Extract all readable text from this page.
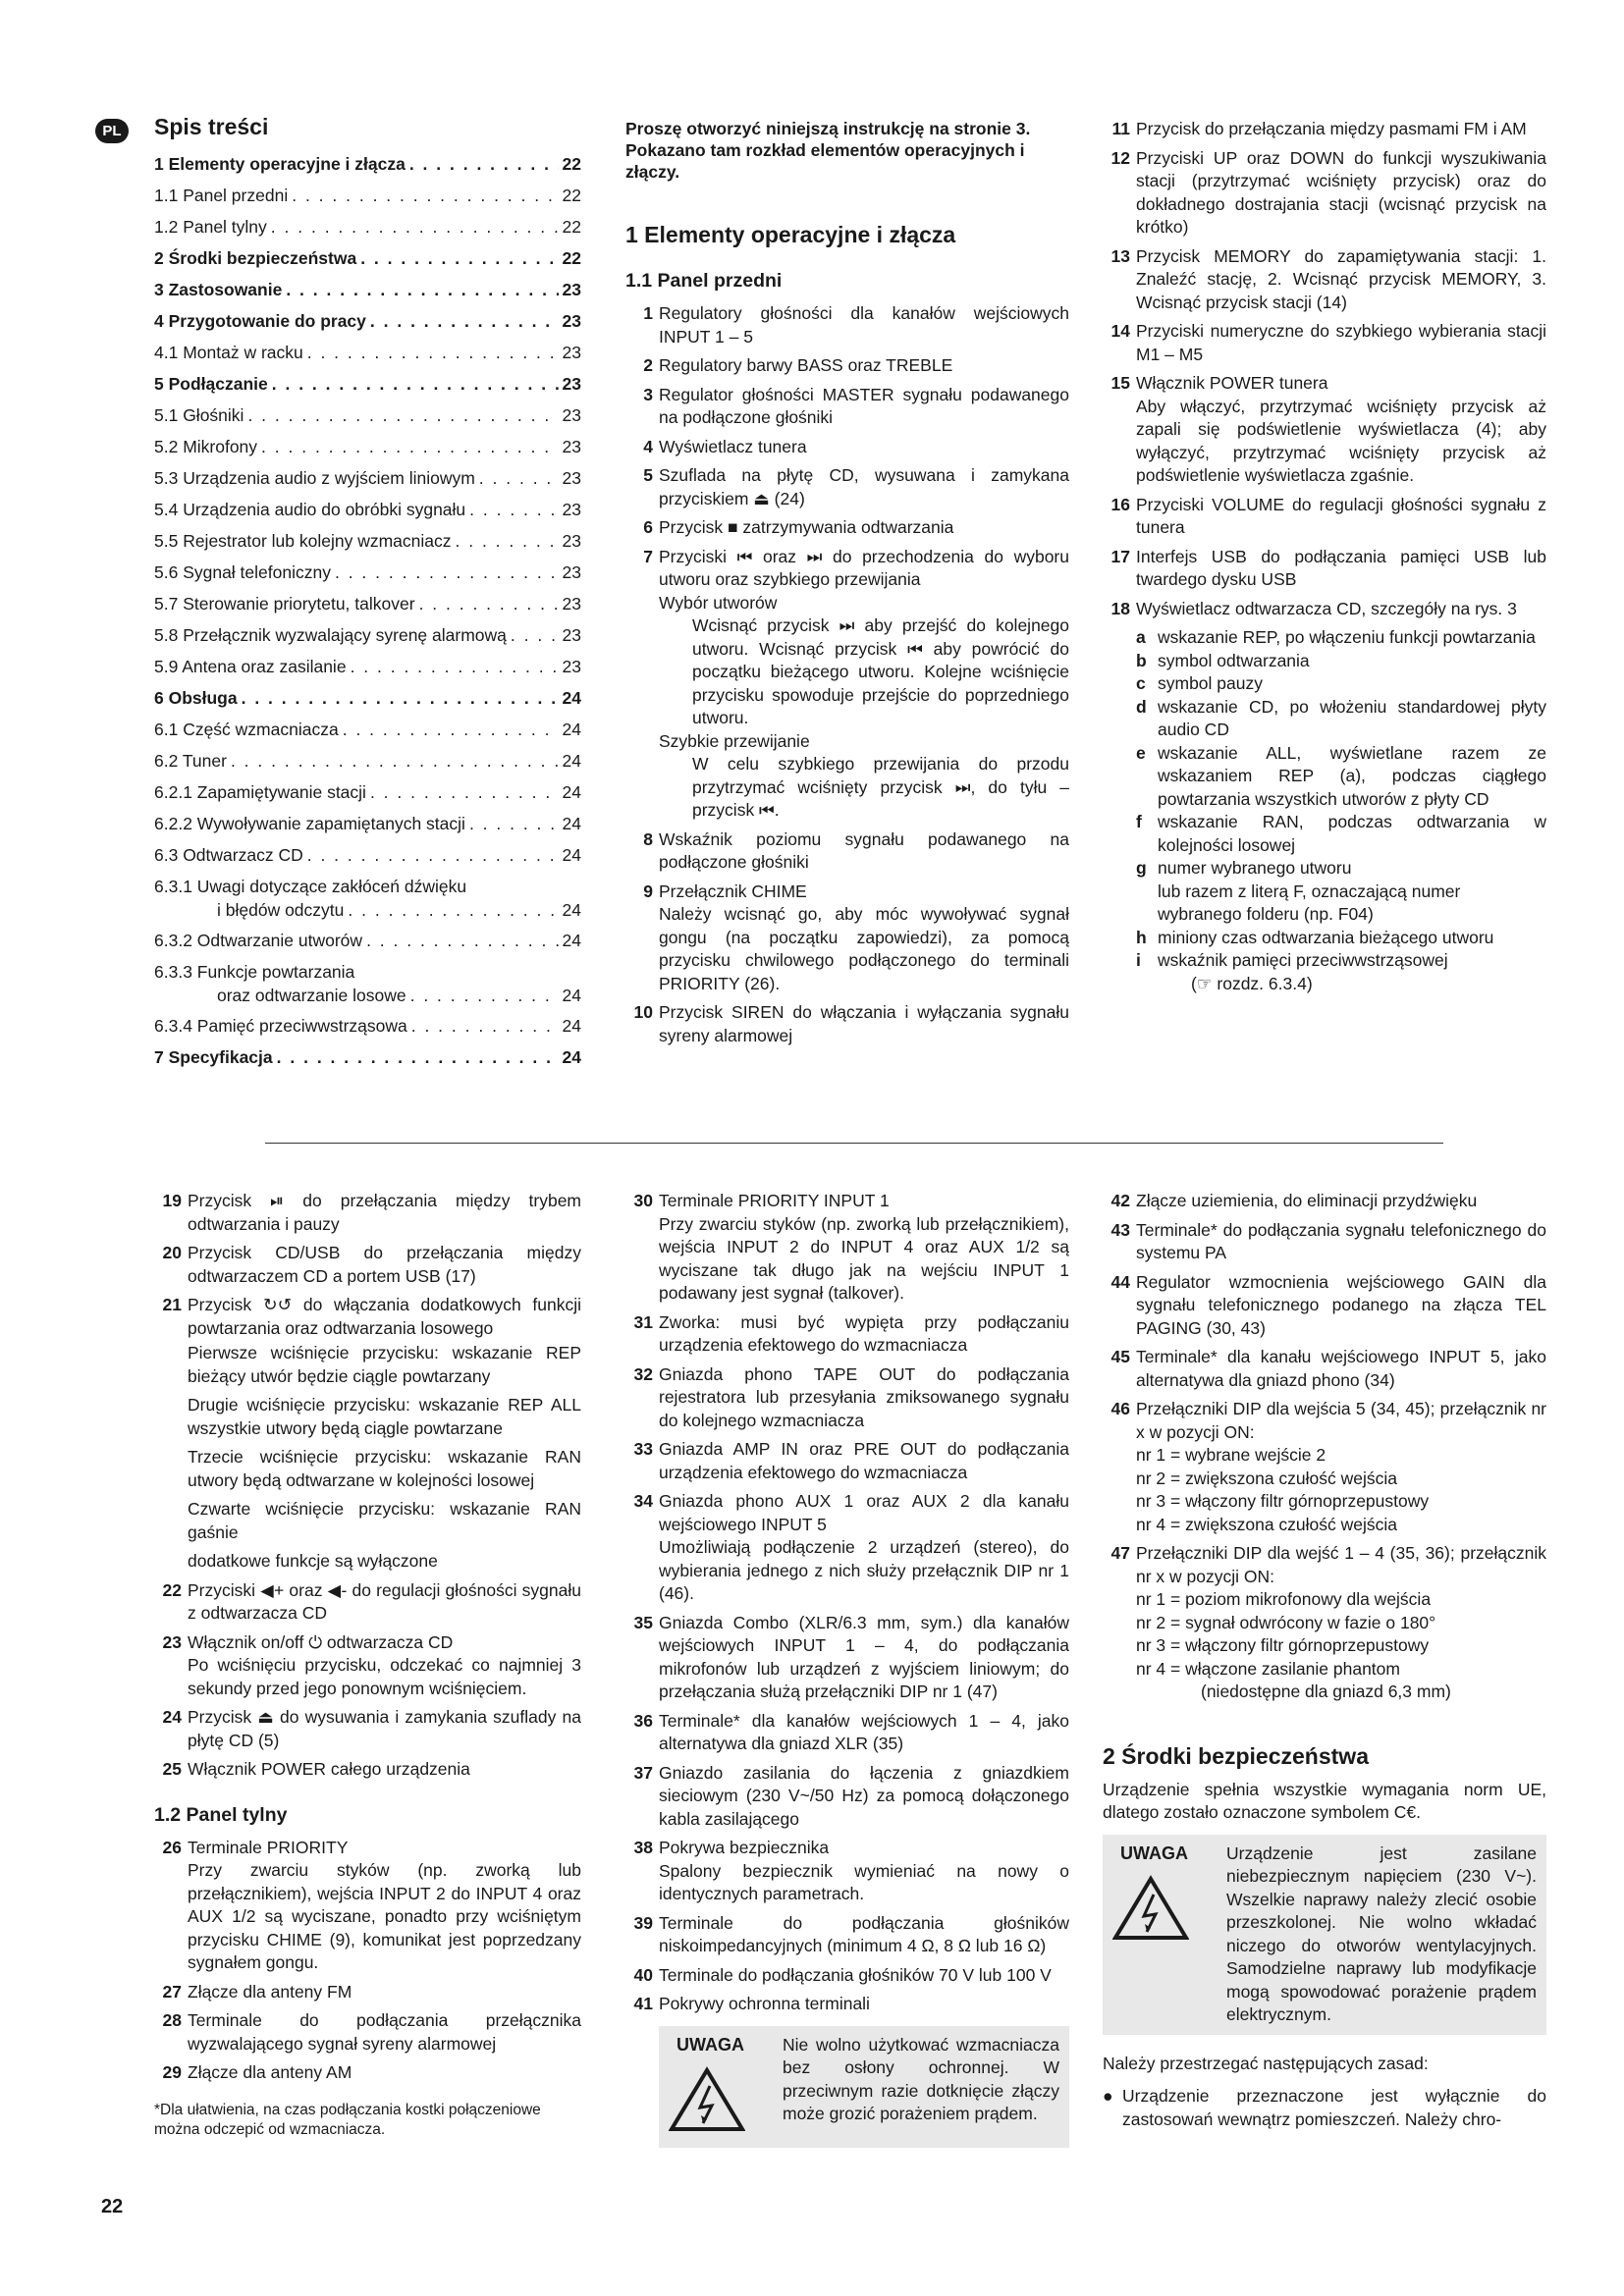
PL	Spis treści
1 Elementy operacyjne i złącza . . .	22
1.1 Panel przedni . . .	22
1.2 Panel tylny . . .	22
2 Środki bezpieczeństwa . . .	22
3 Zastosowanie . . .	23
4 Przygotowanie do pracy . . .	23
4.1 Montaż w racku . . .	23
5 Podłączanie . . .	23
5.1 Głośniki . . .	23
5.2 Mikrofony . . .	23
5.3 Urządzenia audio z wyjściem liniowym . . .	23
5.4 Urządzenia audio do obróbki sygnału . . .	23
5.5 Rejestrator lub kolejny wzmacniacz . . .	23
5.6 Sygnał telefoniczny . . .	23
5.7 Sterowanie priorytetu, talkover . . .	23
5.8 Przełącznik wyzwalający syrenę alarmową . . .	23
5.9 Antena oraz zasilanie . . .	23
6 Obsługa . . .	24
6.1 Część wzmacniacza . . .	24
6.2 Tuner . . .	24
6.2.1 Zapamiętywanie stacji . . .	24
6.2.2 Wywoływanie zapamiętanych stacji . . .	24
6.3 Odtwarzacz CD . . .	24
6.3.1 Uwagi dotyczące zakłóceń dźwięku
i błędów odczytu . . .	24
6.3.2 Odtwarzanie utworów . . .	24
6.3.3 Funkcje powtarzania
oraz odtwarzanie losowe . . .	24
6.3.4 Pamięć przeciwwstrząsowa . . .	24
7 Specyfikacja . . .	24
Proszę otworzyć niniejszą instrukcję na stronie 3. Pokazano tam rozkład elementów operacyjnych i złączy.
1 Elementy operacyjne i złącza
1.1 Panel przedni
1 Regulatory głośności dla kanałów wejściowych INPUT 1 – 5
2 Regulatory barwy BASS oraz TREBLE
3 Regulator głośności MASTER sygnału podawanego na podłączone głośniki
4 Wyświetlacz tunera
5 Szuflada na płytę CD, wysuwana i zamykana przyciskiem ⏏ (24)
6 Przycisk ■ zatrzymywania odtwarzania
7 Przyciski ⏮ oraz ⏭ do przechodzenia do wyboru utworu oraz szybkiego przewijania
Wybór utworów
Wcisnąć przycisk ⏭ aby przejść do kolejnego utworu. Wcisnąć przycisk ⏮ aby powrócić do początku bieżącego utworu. Kolejne wciśnięcie przycisku spowoduje przejście do poprzedniego utworu.
Szybkie przewijanie
W celu szybkiego przewijania do przodu przytrzymać wciśnięty przycisk ⏭, do tyłu – przycisk ⏮.
8 Wskaźnik poziomu sygnału podawanego na podłączone głośniki
9 Przełącznik CHIME
Należy wcisnąć go, aby móc wywoływać sygnał gongu (na początku zapowiedzi), za pomocą przycisku chwilowego podłączonego do terminali PRIORITY (26).
10 Przycisk SIREN do włączania i wyłączania sygnału syreny alarmowej
11 Przycisk do przełączania między pasmami FM i AM
12 Przyciski UP oraz DOWN do funkcji wyszukiwania stacji (przytrzymać wciśnięty przycisk) oraz do dokładnego dostrajania stacji (wcisnąć przycisk na krótko)
13 Przycisk MEMORY do zapamiętywania stacji: 1. Znaleźć stację, 2. Wcisnąć przycisk MEMORY, 3. Wcisnąć przycisk stacji (14)
14 Przyciski numeryczne do szybkiego wybierania stacji M1 – M5
15 Włącznik POWER tunera
Aby włączyć, przytrzymać wciśnięty przycisk aż zapali się podświetlenie wyświetlacza (4); aby wyłączyć, przytrzymać wciśnięty przycisk aż podświetlenie wyświetlacza zgaśnie.
16 Przyciski VOLUME do regulacji głośności sygnału z tunera
17 Interfejs USB do podłączania pamięci USB lub twardego dysku USB
18 Wyświetlacz odtwarzacza CD, szczegóły na rys. 3
a wskazanie REP, po włączeniu funkcji powtarzania
b symbol odtwarzania
c symbol pauzy
d wskazanie CD, po włożeniu standardowej płyty audio CD
e wskazanie ALL, wyświetlane razem ze wskazaniem REP (a), podczas ciągłego powtarzania wszystkich utworów z płyty CD
f wskazanie RAN, podczas odtwarzania w kolejności losowej
g numer wybranego utworu
lub razem z literą F, oznaczającą numer wybranego folderu (np. F04)
h miniony czas odtwarzania bieżącego utworu
i wskaźnik pamięci przeciwwstrząsowej
(☞ rozdz. 6.3.4)
19 Przycisk ⏯ do przełączania między trybem odtwarzania i pauzy
20 Przycisk CD/USB do przełączania między odtwarzaczem CD a portem USB (17)
21 Przycisk ↻↺ do włączania dodatkowych funkcji powtarzania oraz odtwarzania losowego
Pierwsze wciśnięcie przycisku: wskazanie REP bieżący utwór będzie ciągle powtarzany
Drugie wciśnięcie przycisku: wskazanie REP ALL wszystkie utwory będą ciągle powtarzane
Trzecie wciśnięcie przycisku: wskazanie RAN utwory będą odtwarzane w kolejności losowej
Czwarte wciśnięcie przycisku: wskazanie RAN gaśnie
dodatkowe funkcje są wyłączone
22 Przyciski ◀+ oraz ◀- do regulacji głośności sygnału z odtwarzacza CD
23 Włącznik on/off ⏻ odtwarzacza CD
Po wciśnięciu przycisku, odczekać co najmniej 3 sekundy przed jego ponownym wciśnięciem.
24 Przycisk ⏏ do wysuwania i zamykania szuflady na płytę CD (5)
25 Włącznik POWER całego urządzenia
1.2 Panel tylny
26 Terminale PRIORITY
Przy zwarciu styków (np. zworką lub przełącznikiem), wejścia INPUT 2 do INPUT 4 oraz AUX 1/2 są wyciszane, ponadto przy wciśniętym przycisku CHIME (9), komunikat jest poprzedzany sygnałem gongu.
27 Złącze dla anteny FM
28 Terminale do podłączania przełącznika wyzwalającego sygnał syreny alarmowej
29 Złącze dla anteny AM
*Dla ułatwienia, na czas podłączania kostki połączeniowe można odczepić od wzmacniacza.
30 Terminale PRIORITY INPUT 1
Przy zwarciu styków (np. zworką lub przełącznikiem), wejścia INPUT 2 do INPUT 4 oraz AUX 1/2 są wyciszane tak długo jak na wejściu INPUT 1 podawany jest sygnał (talkover).
31 Zworka: musi być wypięta przy podłączaniu urządzenia efektowego do wzmacniacza
32 Gniazda phono TAPE OUT do podłączania rejestratora lub przesyłania zmiksowanego sygnału do kolejnego wzmacniacza
33 Gniazda AMP IN oraz PRE OUT do podłączania urządzenia efektowego do wzmacniacza
34 Gniazda phono AUX 1 oraz AUX 2 dla kanału wejściowego INPUT 5
Umożliwiają podłączenie 2 urządzeń (stereo), do wybierania jednego z nich służy przełącznik DIP nr 1 (46).
35 Gniazda Combo (XLR/6.3 mm, sym.) dla kanałów wejściowych INPUT 1 – 4, do podłączania mikrofonów lub urządzeń z wyjściem liniowym; do przełączania służą przełączniki DIP nr 1 (47)
36 Terminale* dla kanałów wejściowych 1 – 4, jako alternatywa dla gniazd XLR (35)
37 Gniazdo zasilania do łączenia z gniazdkiem sieciowym (230 V~/50 Hz) za pomocą dołączonego kabla zasilającego
38 Pokrywa bezpiecznika
Spalony bezpiecznik wymieniać na nowy o identycznych parametrach.
39 Terminale do podłączania głośników niskoimpedancyjnych (minimum 4 Ω, 8 Ω lub 16 Ω)
40 Terminale do podłączania głośników 70 V lub 100 V
41 Pokrywy ochronna terminali
UWAGA	Nie wolno użytkować wzmacniacza bez osłony ochronnej. W przeciwnym razie dotknięcie złączy może grozić porażeniem prądem.
42 Złącze uziemienia, do eliminacji przydźwięku
43 Terminale* do podłączania sygnału telefonicznego do systemu PA
44 Regulator wzmocnienia wejściowego GAIN dla sygnału telefonicznego podanego na złącza TEL PAGING (30, 43)
45 Terminale* dla kanału wejściowego INPUT 5, jako alternatywa dla gniazd phono (34)
46 Przełączniki DIP dla wejścia 5 (34, 45); przełącznik nr x w pozycji ON:
nr 1 = wybrane wejście 2
nr 2 = zwiększona czułość wejścia
nr 3 = włączony filtr górnoprzepustowy
nr 4 = zwiększona czułość wejścia
47 Przełączniki DIP dla wejść 1 – 4 (35, 36); przełącznik nr x w pozycji ON:
nr 1 = poziom mikrofonowy dla wejścia
nr 2 = sygnał odwrócony w fazie o 180°
nr 3 = włączony filtr górnoprzepustowy
nr 4 = włączone zasilanie phantom
(niedostępne dla gniazd 6,3 mm)
2 Środki bezpieczeństwa
Urządzenie spełnia wszystkie wymagania norm UE, dlatego zostało oznaczone symbolem C€.
UWAGA	Urządzenie jest zasilane niebezpiecznym napięciem (230 V~). Wszelkie naprawy należy zlecić osobie przeszkolonej. Nie wolno wkładać niczego do otworów wentylacyjnych. Samodzielne naprawy lub modyfikacje mogą spowodować porażenie prądem elektrycznym.
Należy przestrzegać następujących zasad:
● Urządzenie przeznaczone jest wyłącznie do zastosowań wewnątrz pomieszczeń. Należy chro-
22
